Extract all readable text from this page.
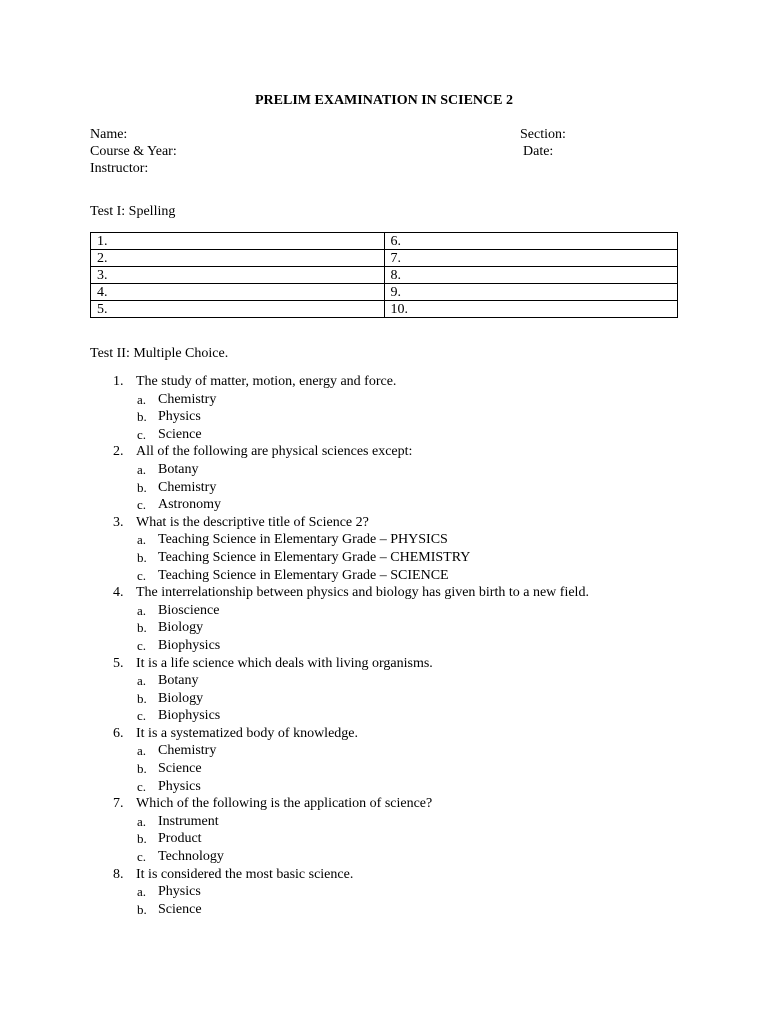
PRELIM EXAMINATION IN SCIENCE 2
Name:
Course & Year:
Instructor:
Section:
Date:
Test I: Spelling
1.	6.
2.	7.
3.	8.
4.	9.
5.	10.
Test II: Multiple Choice.
1. The study of matter, motion, energy and force.
a. Chemistry
b. Physics
c. Science
2. All of the following are physical sciences except:
a. Botany
b. Chemistry
c. Astronomy
3. What is the descriptive title of Science 2?
a. Teaching Science in Elementary Grade – PHYSICS
b. Teaching Science in Elementary Grade – CHEMISTRY
c. Teaching Science in Elementary Grade – SCIENCE
4. The interrelationship between physics and biology has given birth to a new field.
a. Bioscience
b. Biology
c. Biophysics
5. It is a life science which deals with living organisms.
a. Botany
b. Biology
c. Biophysics
6. It is a systematized body of knowledge.
a. Chemistry
b. Science
c. Physics
7. Which of the following is the application of science?
a. Instrument
b. Product
c. Technology
8. It is considered the most basic science.
a. Physics
b. Science
